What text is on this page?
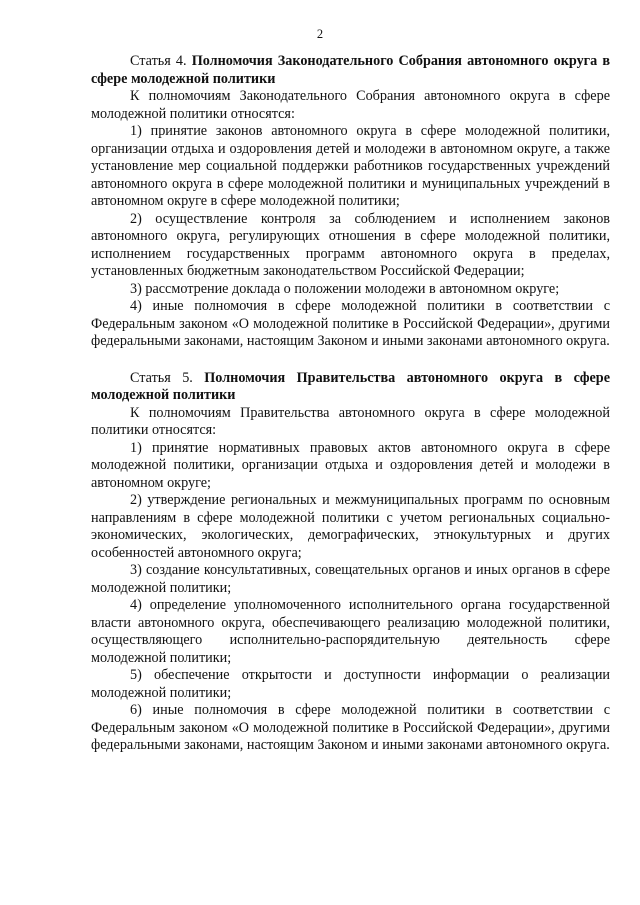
2

Статья 4. Полномочия Законодательного Собрания автономного округа в сфере молодежной политики

К полномочиям Законодательного Собрания автономного округа в сфере молодежной политики относятся:

1) принятие законов автономного округа в сфере молодежной политики, организации отдыха и оздоровления детей и молодежи в автономном округе, а также установление мер социальной поддержки работников государственных учреждений автономного округа в сфере молодежной политики и муниципальных учреждений в автономном округе в сфере молодежной политики;

2) осуществление контроля за соблюдением и исполнением законов автономного округа, регулирующих отношения в сфере молодежной политики, исполнением государственных программ автономного округа в пределах, установленных бюджетным законодательством Российской Федерации;

3) рассмотрение доклада о положении молодежи в автономном округе;

4) иные полномочия в сфере молодежной политики в соответствии с Федеральным законом «О молодежной политике в Российской Федерации», другими федеральными законами, настоящим Законом и иными законами автономного округа.

Статья 5. Полномочия Правительства автономного округа в сфере молодежной политики

К полномочиям Правительства автономного округа в сфере молодежной политики относятся:

1) принятие нормативных правовых актов автономного округа в сфере молодежной политики, организации отдыха и оздоровления детей и молодежи в автономном округе;

2) утверждение региональных и межмуниципальных программ по основным направлениям в сфере молодежной политики с учетом региональных социально-экономических, экологических, демографических, этнокультурных и других особенностей автономного округа;

3) создание консультативных, совещательных органов и иных органов в сфере молодежной политики;

4) определение уполномоченного исполнительного органа государственной власти автономного округа, обеспечивающего реализацию молодежной политики, осуществляющего исполнительно-распорядительную деятельность сфере молодежной политики;

5) обеспечение открытости и доступности информации о реализации молодежной политики;

6) иные полномочия в сфере молодежной политики в соответствии с Федеральным законом «О молодежной политике в Российской Федерации», другими федеральными законами, настоящим Законом и иными законами автономного округа.
